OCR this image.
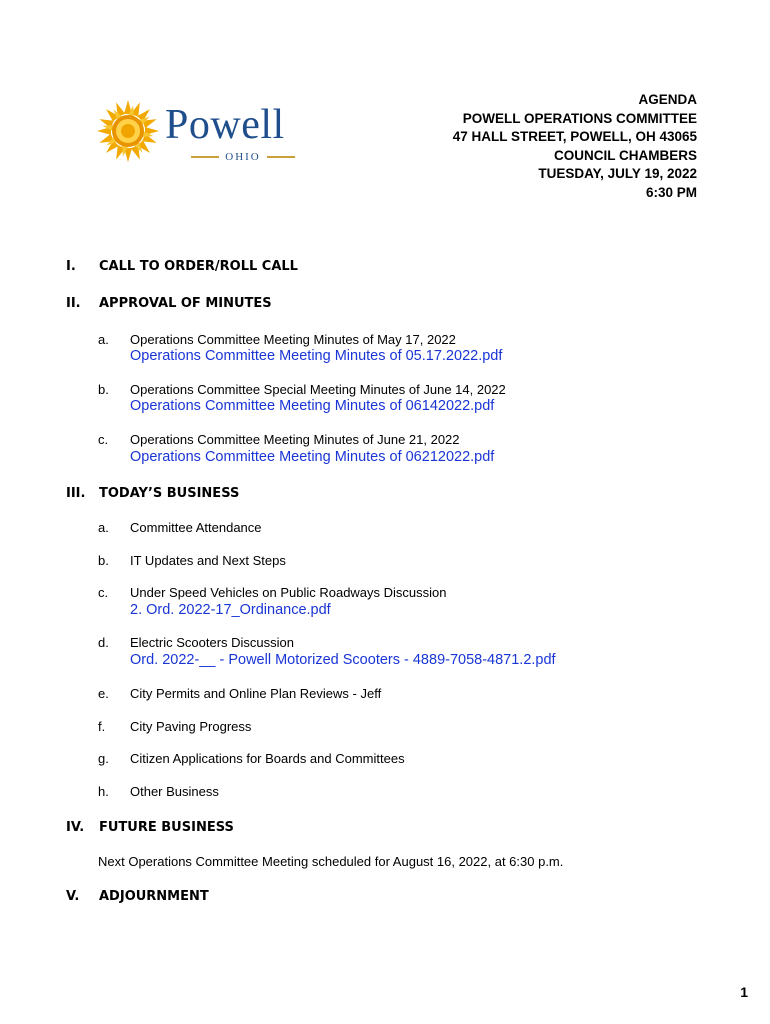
Powell
OHIO
AGENDA
POWELL OPERATIONS COMMITTEE
47 HALL STREET, POWELL, OH 43065
COUNCIL CHAMBERS
TUESDAY, JULY 19, 2022
6:30 PM
I. CALL TO ORDER/ROLL CALL
II. APPROVAL OF MINUTES
a. Operations Committee Meeting Minutes of May 17, 2022
Operations Committee Meeting Minutes of 05.17.2022.pdf
b. Operations Committee Special Meeting Minutes of June 14, 2022
Operations Committee Meeting Minutes of 06142022.pdf
c. Operations Committee Meeting Minutes of June 21, 2022
Operations Committee Meeting Minutes of 06212022.pdf
III. TODAY’S BUSINESS
a. Committee Attendance
b. IT Updates and Next Steps
c. Under Speed Vehicles on Public Roadways Discussion
2. Ord. 2022-17_Ordinance.pdf
d. Electric Scooters Discussion
Ord. 2022-__ - Powell Motorized Scooters - 4889-7058-4871.2.pdf
e. City Permits and Online Plan Reviews - Jeff
f. City Paving Progress
g. Citizen Applications for Boards and Committees
h. Other Business
IV. FUTURE BUSINESS
Next Operations Committee Meeting scheduled for August 16, 2022, at 6:30 p.m.
V. ADJOURNMENT
1
